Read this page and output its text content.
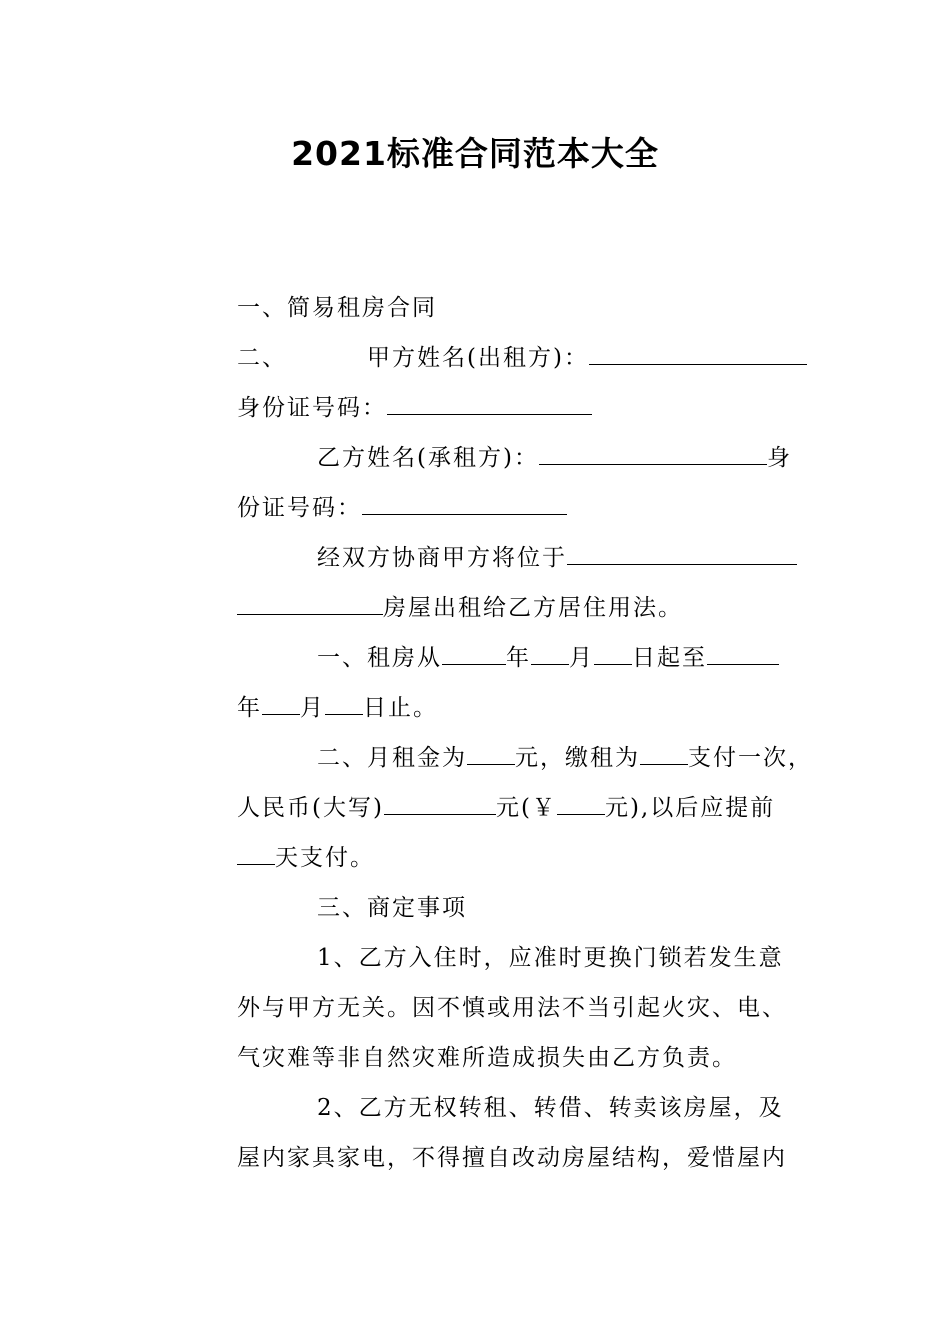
2021标准合同范本大全
一、简易租房合同
二、	甲方姓名(出租方)：
身份证号码：
乙方姓名(承租方)：	身
份证号码：
经双方协商甲方将位于
房屋出租给乙方居住用法。
一、租房从	年 月 日起至
年 月 日止。
二、月租金为 元，缴租为 支付一次，
人民币(大写)	元(￥ 元),以后应提前
天支付。
三、商定事项
1、乙方入住时，应准时更换门锁若发生意
外与甲方无关。因不慎或用法不当引起火灾、电、
气灾难等非自然灾难所造成损失由乙方负责。
2、乙方无权转租、转借、转卖该房屋，及
屋内家具家电，不得擅自改动房屋结构，爱惜屋内
